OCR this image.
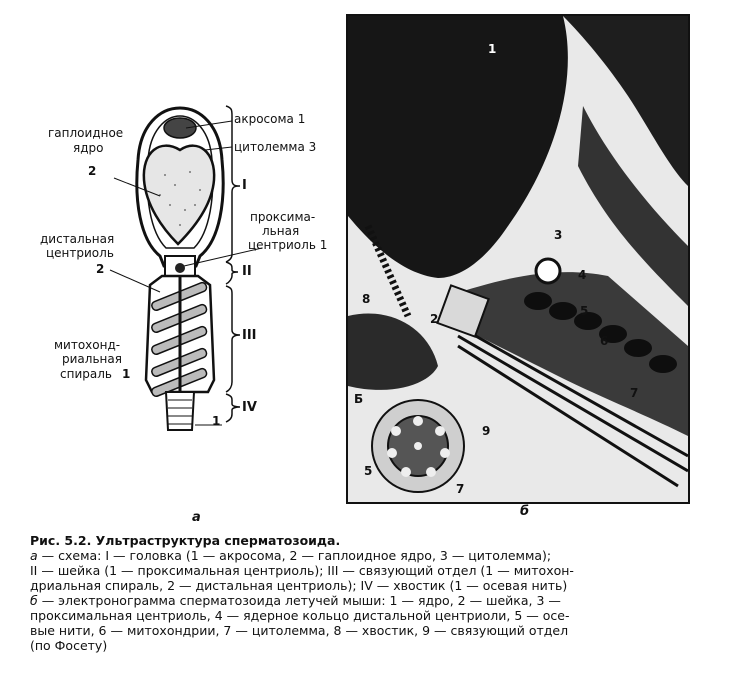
акросома 1
цитолемма 3
гаплоидное
ядро
2
проксима-
льная
центриоль 1
дистальная
центриоль
2
митохонд-
риальная
спираль 1
1
I
II
III
IV
а
1
2
3
4
5
6
7
8
9
5
7
Б
б

Рис. 5.2. Ультраструктура сперматозоида.

а — схема: I — головка (1 — акросома, 2 — гаплоидное ядро, 3 — цитолемма);

II — шейка (1 — проксимальная центриоль); III — связующий отдел (1 — митохон-

дриальная спираль, 2 — дистальная центриоль); IV — хвостик (1 — осевая нить)

б — электронограмма сперматозоида летучей мыши: 1 — ядро, 2 — шейка, 3 —

проксимальная центриоль, 4 — ядерное кольцо дистальной центриоли, 5 — осе-

вые нити, 6 — митохондрии, 7 — цитолемма, 8 — хвостик, 9 — связующий отдел

(по Фосету)
